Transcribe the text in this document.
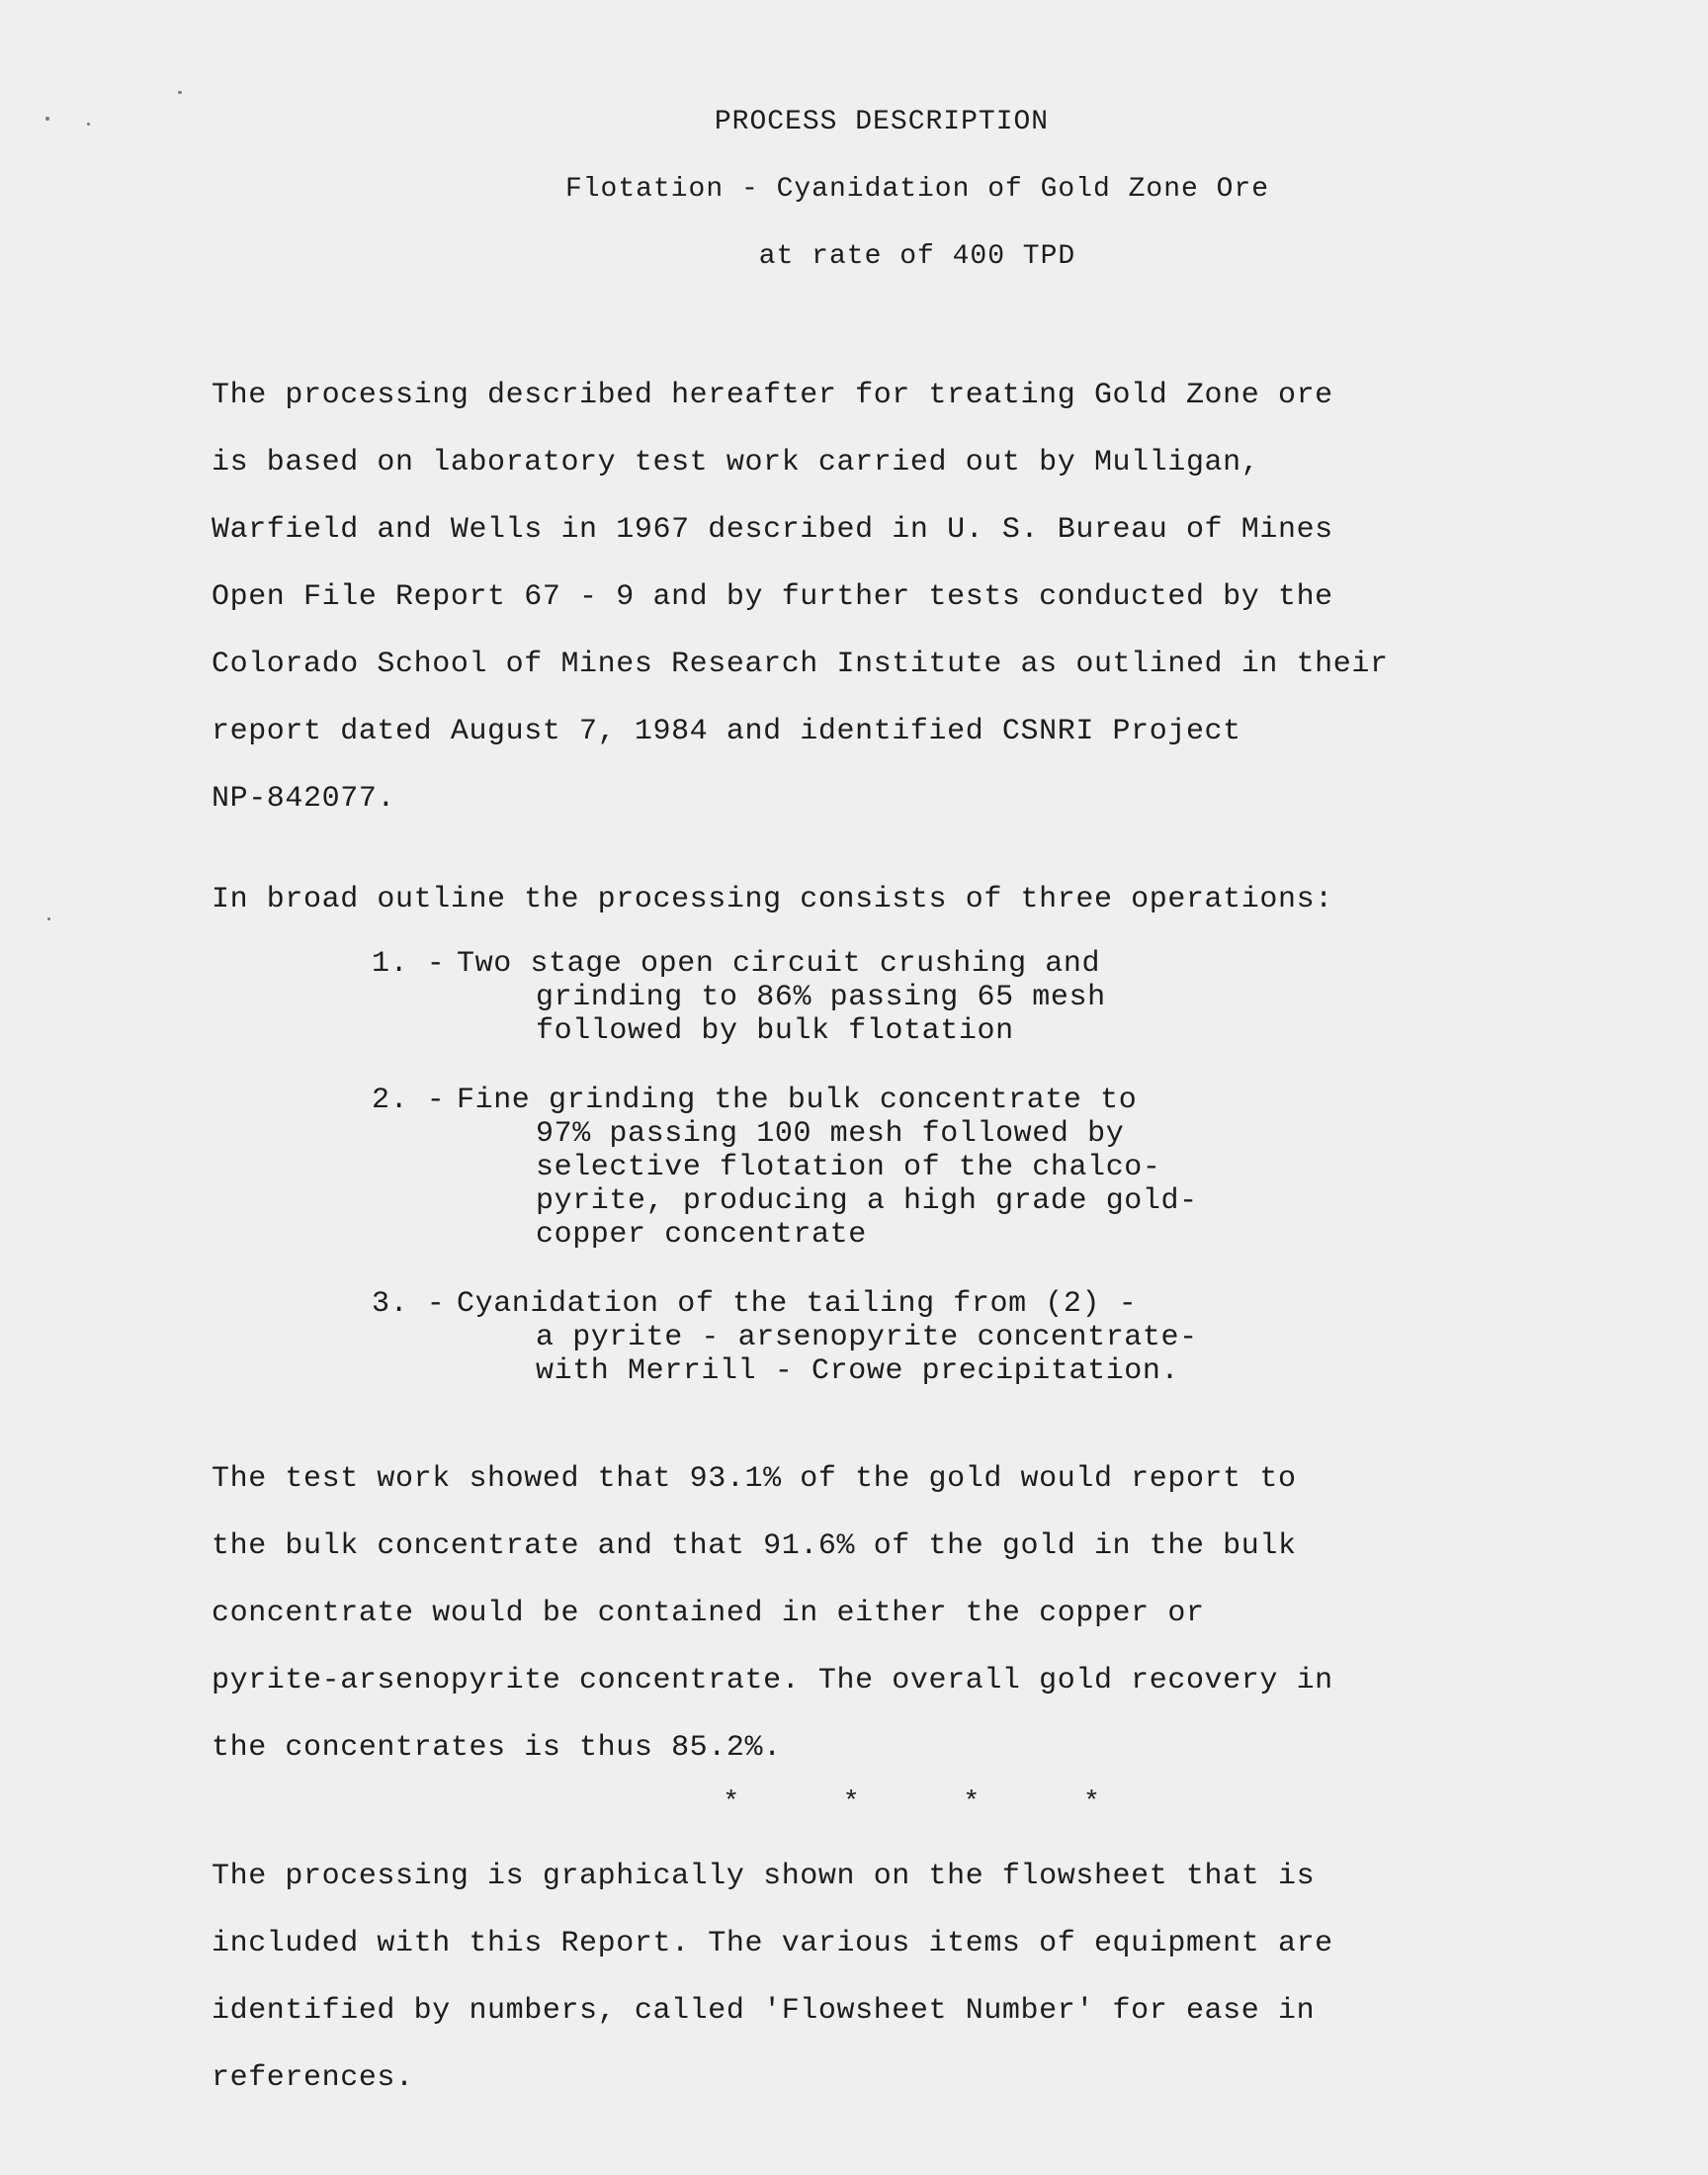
PROCESS DESCRIPTION
Flotation - Cyanidation of Gold Zone Ore
at rate of 400 TPD
The processing described hereafter for treating Gold Zone ore
is based on laboratory test work carried out by Mulligan,
Warfield and Wells in 1967 described in U. S. Bureau of Mines
Open File Report 67 - 9 and by further tests conducted by the
Colorado School of Mines Research Institute as outlined in their
report dated August 7, 1984 and identified CSNRI Project
NP-842077.
In broad outline the processing consists of three operations:
1. - Two stage open circuit crushing and
grinding to 86% passing 65 mesh
followed by bulk flotation
2. - Fine grinding the bulk concentrate to
97% passing 100 mesh followed by
selective flotation of the chalco-
pyrite, producing a high grade gold-
copper concentrate
3. - Cyanidation of the tailing from (2) -
a pyrite - arsenopyrite concentrate-
with Merrill - Crowe precipitation.
The test work showed that 93.1% of the gold would report to
the bulk concentrate and that 91.6% of the gold in the bulk
concentrate would be contained in either the copper or
pyrite-arsenopyrite concentrate. The overall gold recovery in
the concentrates is thus 85.2%.
* * * *
The processing is graphically shown on the flowsheet that is
included with this Report. The various items of equipment are
identified by numbers, called 'Flowsheet Number' for ease in
references.
